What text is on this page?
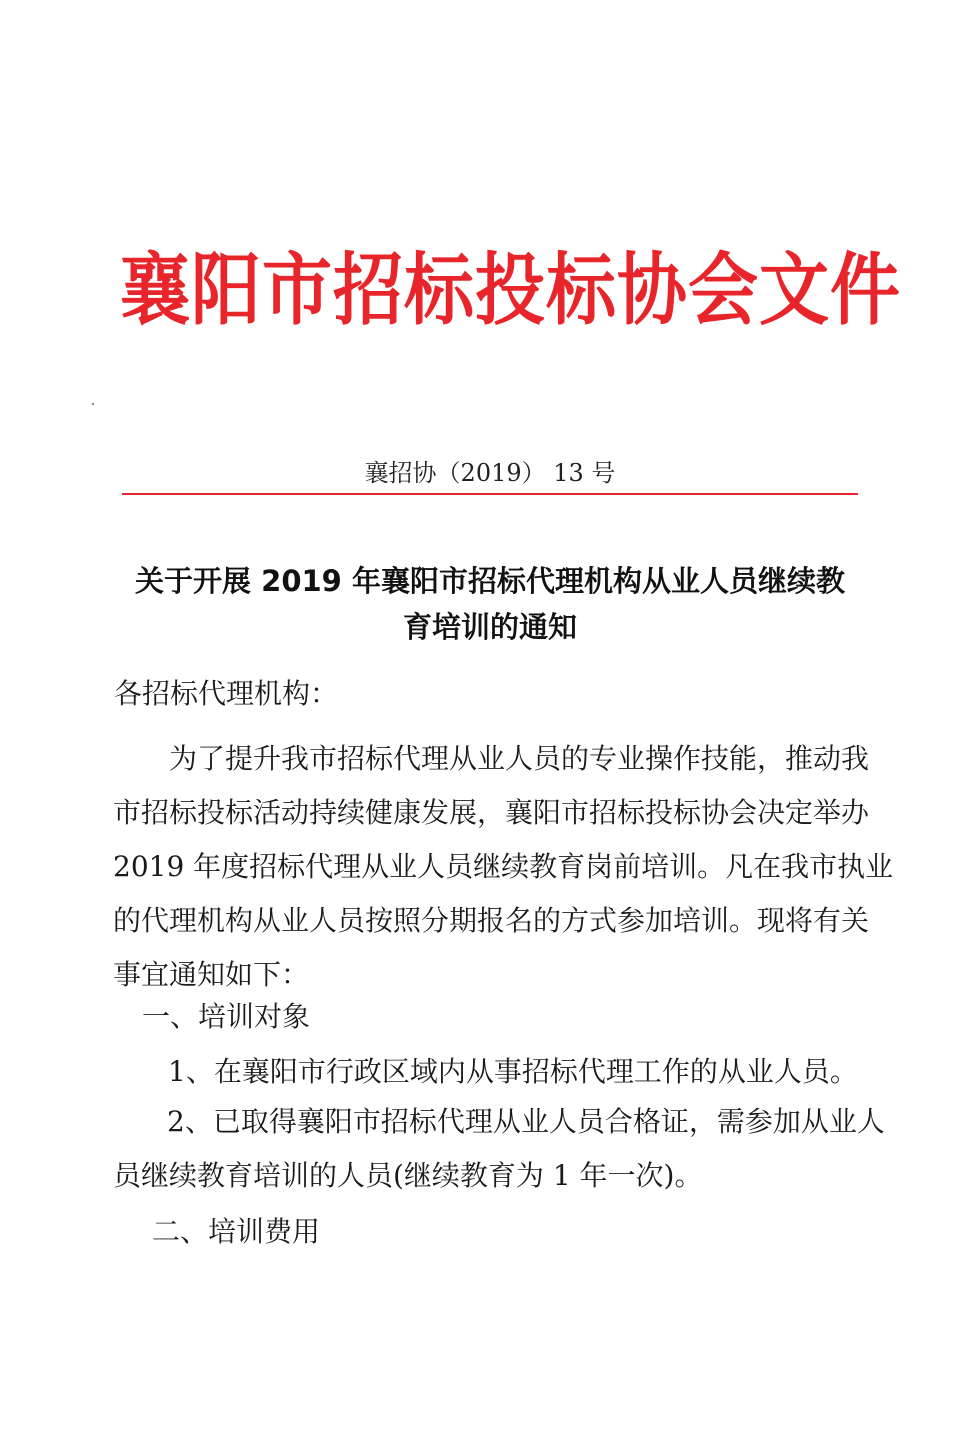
襄阳市招标投标协会文件
襄招协（2019） 13 号
关于开展 2019 年襄阳市招标代理机构从业人员继续教
育培训的通知
各招标代理机构：
为了提升我市招标代理从业人员的专业操作技能，推动我
市招标投标活动持续健康发展，襄阳市招标投标协会决定举办
2019 年度招标代理从业人员继续教育岗前培训。凡在我市执业
的代理机构从业人员按照分期报名的方式参加培训。现将有关
事宜通知如下：
一、培训对象
1、在襄阳市行政区域内从事招标代理工作的从业人员。
2、已取得襄阳市招标代理从业人员合格证，需参加从业人
员继续教育培训的人员(继续教育为 1 年一次)。
二、培训费用
